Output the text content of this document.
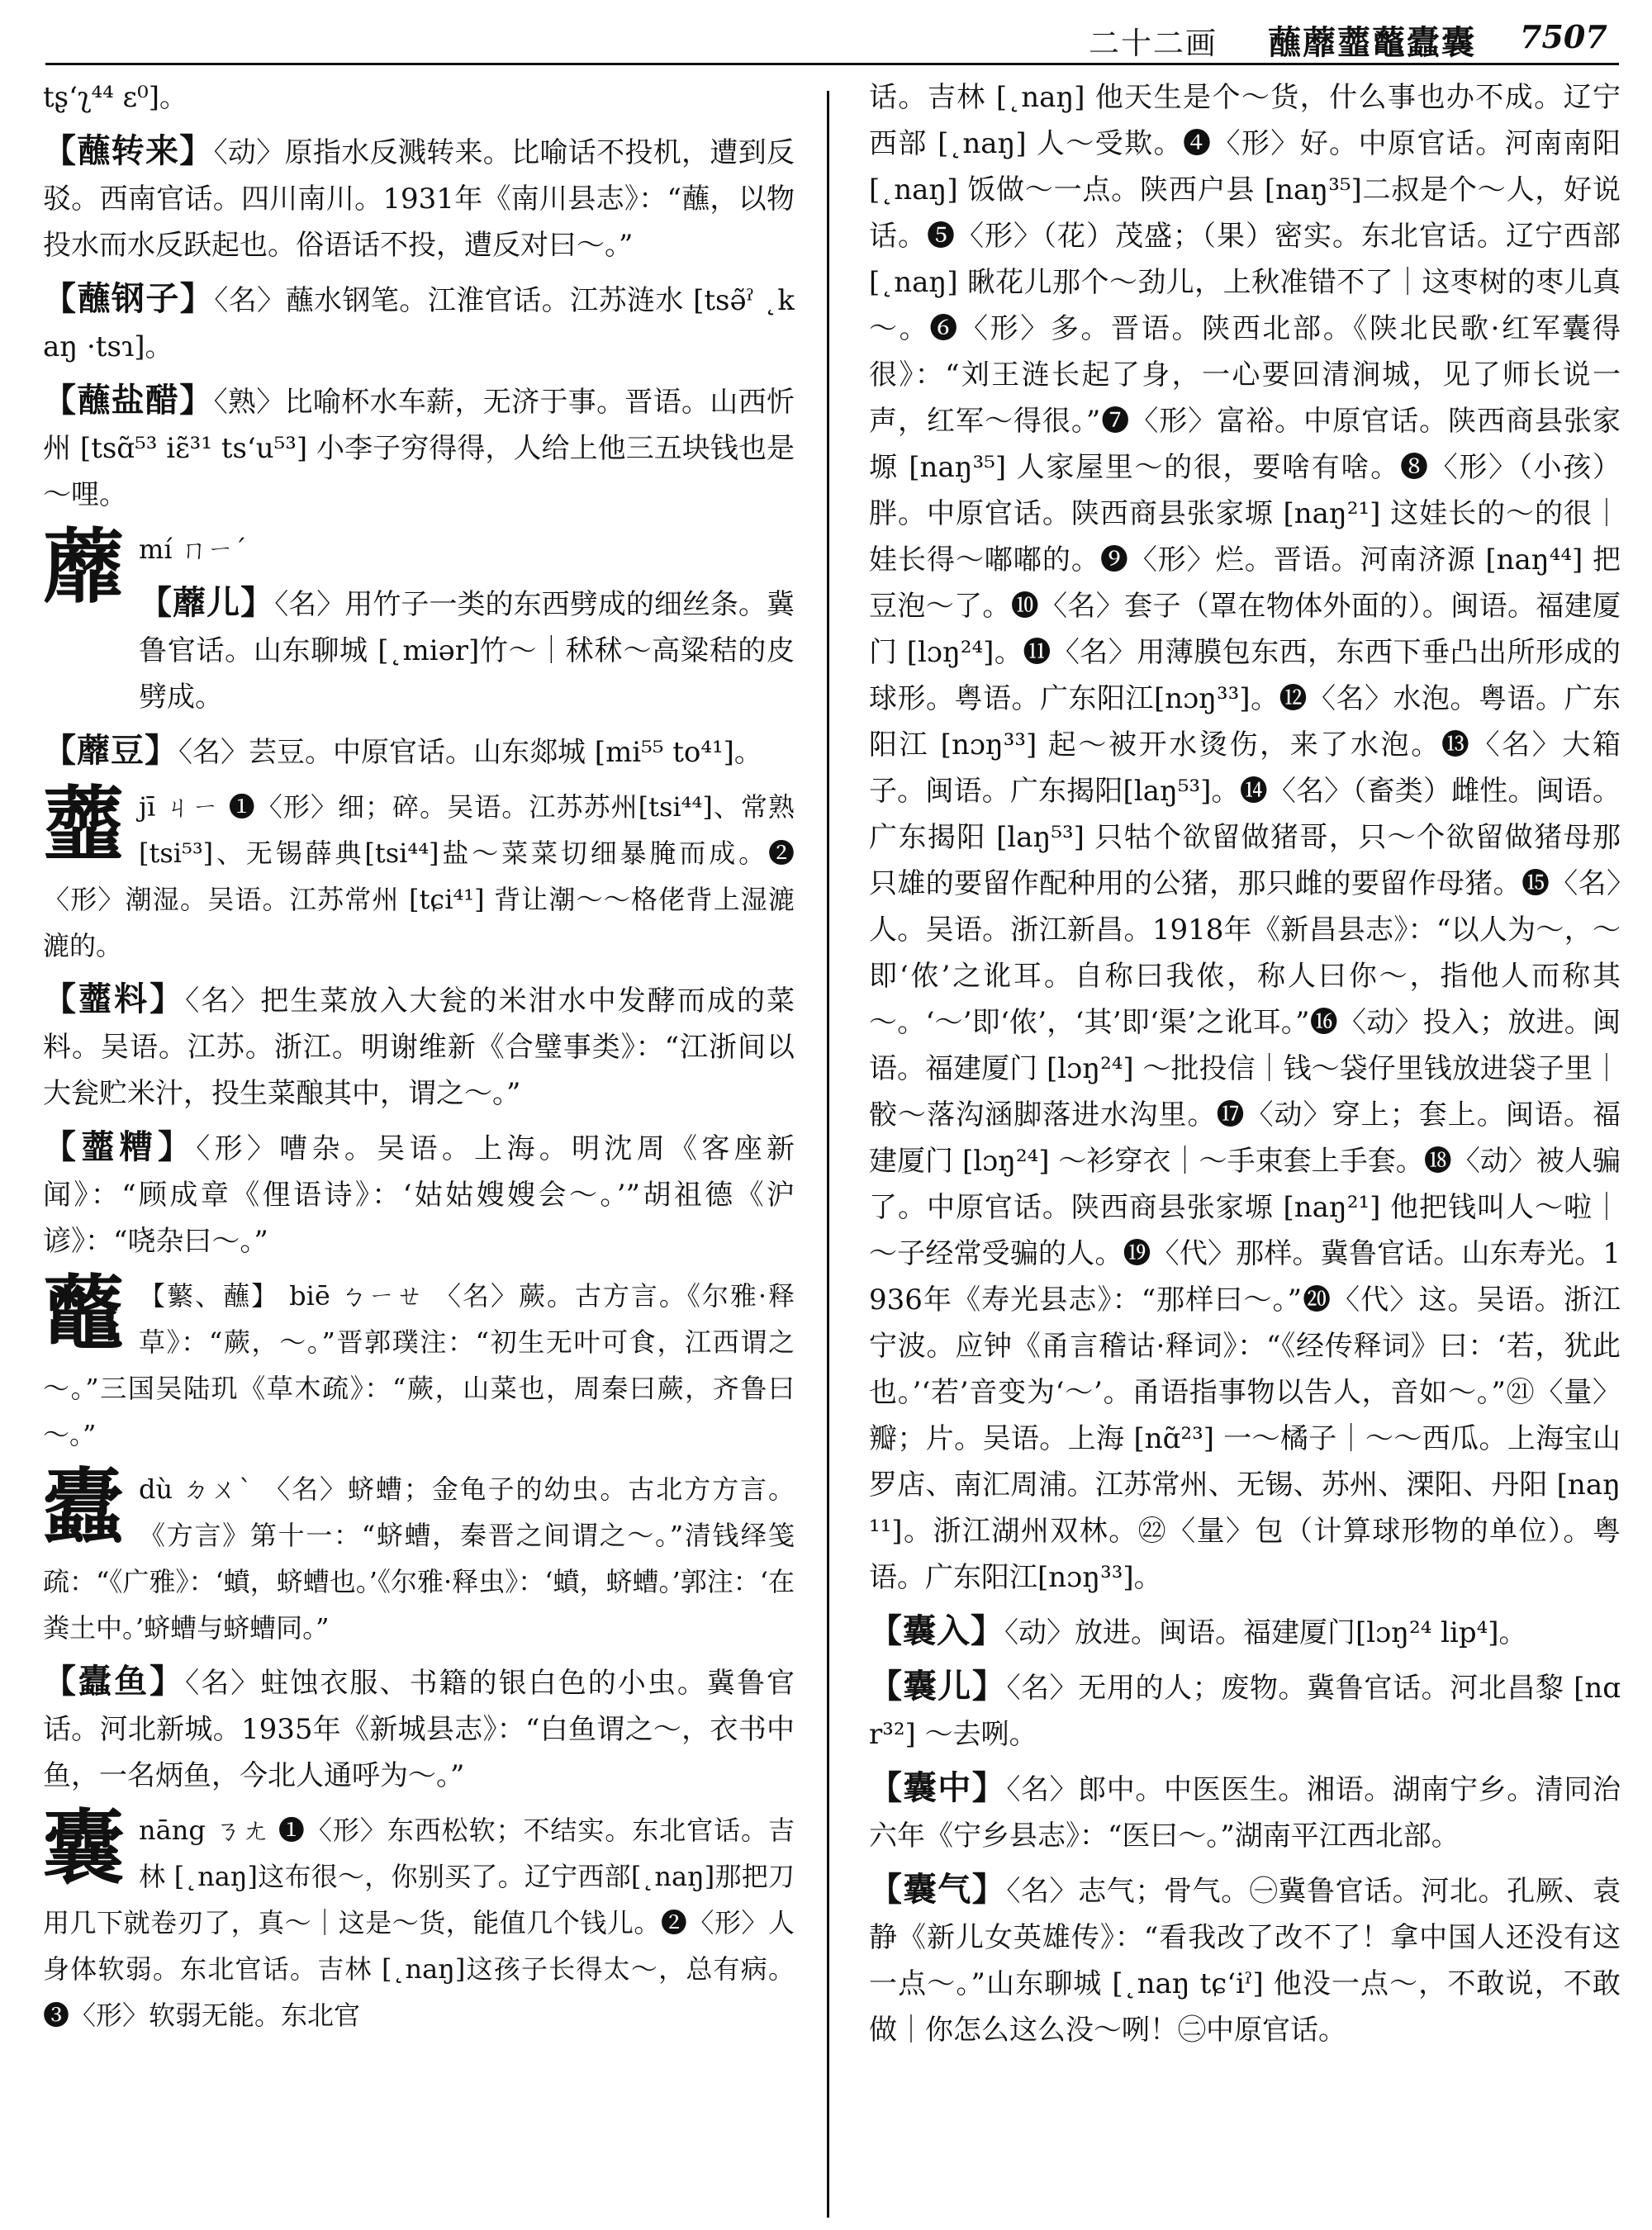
二十二画 蘸蘼虀虌蠹囊 7507

tʂʻʅ⁴⁴ ɛ⁰]。

【蘸转来】〈动〉原指水反溅转来。比喻话不投机，遭到反驳。西南官话。四川南川。1931年《南川县志》：“蘸，以物投水而水反跃起也。俗语话不投，遭反对曰～。”

【蘸钢子】〈名〉蘸水钢笔。江淮官话。江苏涟水 [tsǝ̃ˀ ˛kaŋ ·tsɿ]。

【蘸盐醋】〈熟〉比喻杯水车薪，无济于事。晋语。山西忻州 [tsɑ̃⁵³ iɛ̃³¹ tsʻu⁵³] 小李子穷得得，人给上他三五块钱也是～哩。

蘼mí ㄇㄧˊ

【蘼儿】〈名〉用竹子一类的东西劈成的细丝条。冀鲁官话。山东聊城 [˛miǝr]竹～｜秫秫～高粱秸的皮劈成。

【蘼豆】〈名〉芸豆。中原官话。山东郯城 [mi⁵⁵ to⁴¹]。

虀jī ㄐㄧ ❶〈形〉细；碎。吴语。江苏苏州[tsi⁴⁴]、常熟 [tsi⁵³]、无锡薛典[tsi⁴⁴]盐～菜菜切细暴腌而成。❷〈形〉潮湿。吴语。江苏常州 [tɕi⁴¹] 背让潮～～格佬背上湿漉漉的。

【虀料】〈名〉把生菜放入大瓮的米泔水中发酵而成的菜料。吴语。江苏。浙江。明谢维新《合璧事类》：“江浙间以大瓮贮米汁，投生菜酿其中，谓之～。”

【虀糟】〈形〉嘈杂。吴语。上海。明沈周《客座新闻》：“顾成章《俚语诗》：‘姑姑嫂嫂会～。’”胡祖德《沪谚》：“哓杂曰～。”

虌 【蘩、蘸】 biē ㄅㄧㄝ 〈名〉蕨。古方言。《尔雅·释草》：“蕨，～。”晋郭璞注：“初生无叶可食，江西谓之～。”三国吴陆玑《草木疏》：“蕨，山菜也，周秦曰蕨，齐鲁曰～。”
蠹dù ㄉㄨˋ 〈名〉蛴螬；金龟子的幼虫。古北方方言。《方言》第十一：“蛴螬，秦晋之间谓之～。”清钱绎笺疏：“《广雅》：‘蟦，蛴螬也。’《尔雅·释虫》：‘蟦，蛴螬。’郭注：‘在粪土中。’蛴螬与蛴螬同。”

【蠹鱼】〈名〉蛀蚀衣服、书籍的银白色的小虫。冀鲁官话。河北新城。1935年《新城县志》：“白鱼谓之～，衣书中鱼，一名炳鱼，今北人通呼为～。”

囊nāng ㄋㄤ ❶〈形〉东西松软；不结实。东北官话。吉林 [˛naŋ]这布很～，你别买了。辽宁西部[˛naŋ]那把刀用几下就卷刃了，真～｜这是～货，能值几个钱儿。❷〈形〉人身体软弱。东北官话。吉林 [˛naŋ]这孩子长得太～，总有病。❸〈形〉软弱无能。东北官

话。吉林 [˛naŋ] 他天生是个～货，什么事也办不成。辽宁西部 [˛naŋ] 人～受欺。❹〈形〉好。中原官话。河南南阳 [˛naŋ] 饭做～一点。陕西户县 [naŋ³⁵]二叔是个～人，好说话。❺〈形〉（花）茂盛；（果）密实。东北官话。辽宁西部 [˛naŋ] 瞅花儿那个～劲儿，上秋准错不了｜这枣树的枣儿真～。❻〈形〉多。晋语。陕西北部。《陕北民歌·红军囊得很》：“刘王涟长起了身，一心要回清涧城，见了师长说一声，红军～得很。”❼〈形〉富裕。中原官话。陕西商县张家塬 [naŋ³⁵] 人家屋里～的很，要啥有啥。❽〈形〉（小孩）胖。中原官话。陕西商县张家塬 [naŋ²¹] 这娃长的～的很｜娃长得～嘟嘟的。❾〈形〉烂。晋语。河南济源 [naŋ⁴⁴] 把豆泡～了。❿〈名〉套子（罩在物体外面的）。闽语。福建厦门 [lɔŋ²⁴]。⓫〈名〉用薄膜包东西，东西下垂凸出所形成的球形。粤语。广东阳江[nɔŋ³³]。⓬〈名〉水泡。粤语。广东阳江 [nɔŋ³³] 起～被开水烫伤，来了水泡。⓭〈名〉大箱子。闽语。广东揭阳[laŋ⁵³]。⓮〈名〉（畜类）雌性。闽语。广东揭阳 [laŋ⁵³] 只牯个欲留做猪哥，只～个欲留做猪母那只雄的要留作配种用的公猪，那只雌的要留作母猪。⓯〈名〉人。吴语。浙江新昌。1918年《新昌县志》：“以人为～，～即‘侬’之讹耳。自称曰我侬，称人曰你～，指他人而称其～。‘～’即‘侬’，‘其’即‘渠’之讹耳。”⓰〈动〉投入；放进。闽语。福建厦门 [lɔŋ²⁴] ～批投信｜钱～袋仔里钱放进袋子里｜骹～落沟涵脚落进水沟里。⓱〈动〉穿上；套上。闽语。福建厦门 [lɔŋ²⁴] ～衫穿衣｜～手束套上手套。⓲〈动〉被人骗了。中原官话。陕西商县张家塬 [naŋ²¹] 他把钱叫人～啦｜～子经常受骗的人。⓳〈代〉那样。冀鲁官话。山东寿光。1936年《寿光县志》：“那样曰～。”⓴〈代〉这。吴语。浙江宁波。应钟《甬言稽诂·释词》：“《经传释词》曰：‘若，犹此也。’‘若’音变为‘～’。甬语指事物以告人，音如～。”㉑〈量〉瓣；片。吴语。上海 [nɑ̃²³] 一～橘子｜～～西瓜。上海宝山罗店、南汇周浦。江苏常州、无锡、苏州、溧阳、丹阳 [naŋ¹¹]。浙江湖州双林。㉒〈量〉包（计算球形物的单位）。粤语。广东阳江[nɔŋ³³]。

【囊入】〈动〉放进。闽语。福建厦门[lɔŋ²⁴ lip⁴]。

【囊儿】〈名〉无用的人；废物。冀鲁官话。河北昌黎 [nɑr³²] ～去咧。

【囊中】〈名〉郎中。中医医生。湘语。湖南宁乡。清同治六年《宁乡县志》：“医曰～。”湖南平江西北部。

【囊气】〈名〉志气；骨气。㊀冀鲁官话。河北。孔厥、袁静《新儿女英雄传》：“看我改了改不了！拿中国人还没有这一点～。”山东聊城 [˛naŋ tɕʻiˀ] 他没一点～，不敢说，不敢做｜你怎么这么没～咧！㊁中原官话。
